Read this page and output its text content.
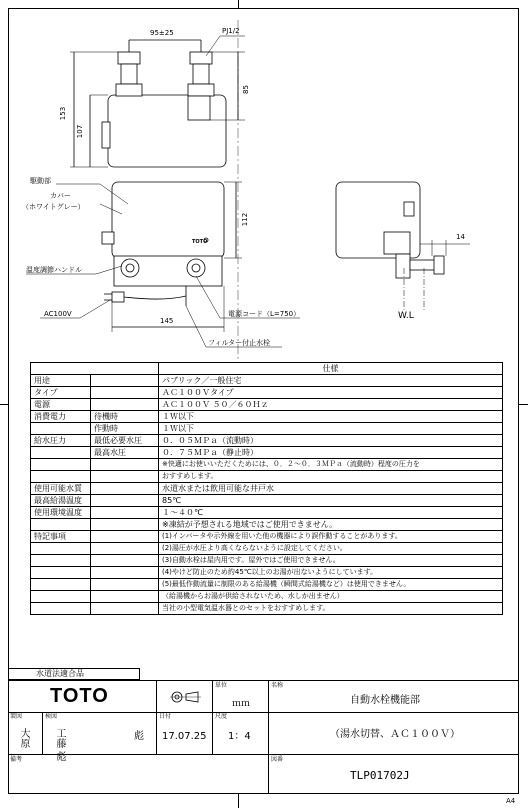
95±25	PJ1/2
153
107
85
112
145
14
駆動部
カバー
（ホワイトグレー）
温度調節ハンドル
AC100V	電源コード（L=750）
フィルター付止水栓
W.L
TOTO
		仕様
用途		パブリック／一般住宅
タイプ		ＡＣ１００Ｖタイプ
電源		ＡＣ１００Ｖ ５０／６０Ｈｚ
消費電力	待機時	１Ｗ以下
	作動時	１Ｗ以下
給水圧力	最低必要水圧	０．０５ＭＰａ（流動時）
	最高水圧	０．７５ＭＰａ（静止時）
		※快適にお使いいただくためには、０．２～０．３ＭＰａ（流動時）程度の圧力を
		おすすめします。
使用可能水質		水道水または飲用可能な井戸水
最高給湯温度		85℃
使用環境温度		１～４０℃
		※凍結が予想される地域ではご使用できません。
特記事項		(1)インバータや示外線を用いた他の機器により誤作動することがあります。
		(2)湯圧が水圧より高くならないように設定してください。
		(3)自動水栓は屋内用です。屋外ではご使用できません。
		(4)やけど防止のため約45℃以上のお湯が出ないようにしています。
		(5)最低作動流量に制限のある給湯機（瞬間式給湯機など）は使用できません。
		（給湯機からお湯が供給されないため、水しか出ません）
		当社の小型電気温水器とのセットをおすすめします。
水道法適合品
TOTO	単位
ｍｍ
名称
自動水栓機能部
（湯水切替、ＡＣ１００Ｖ）
製図
大原
検図
工藤 彪	彪
日付
17.07.25
尺度
1：4
備考	図番
TLP01702J
A4
